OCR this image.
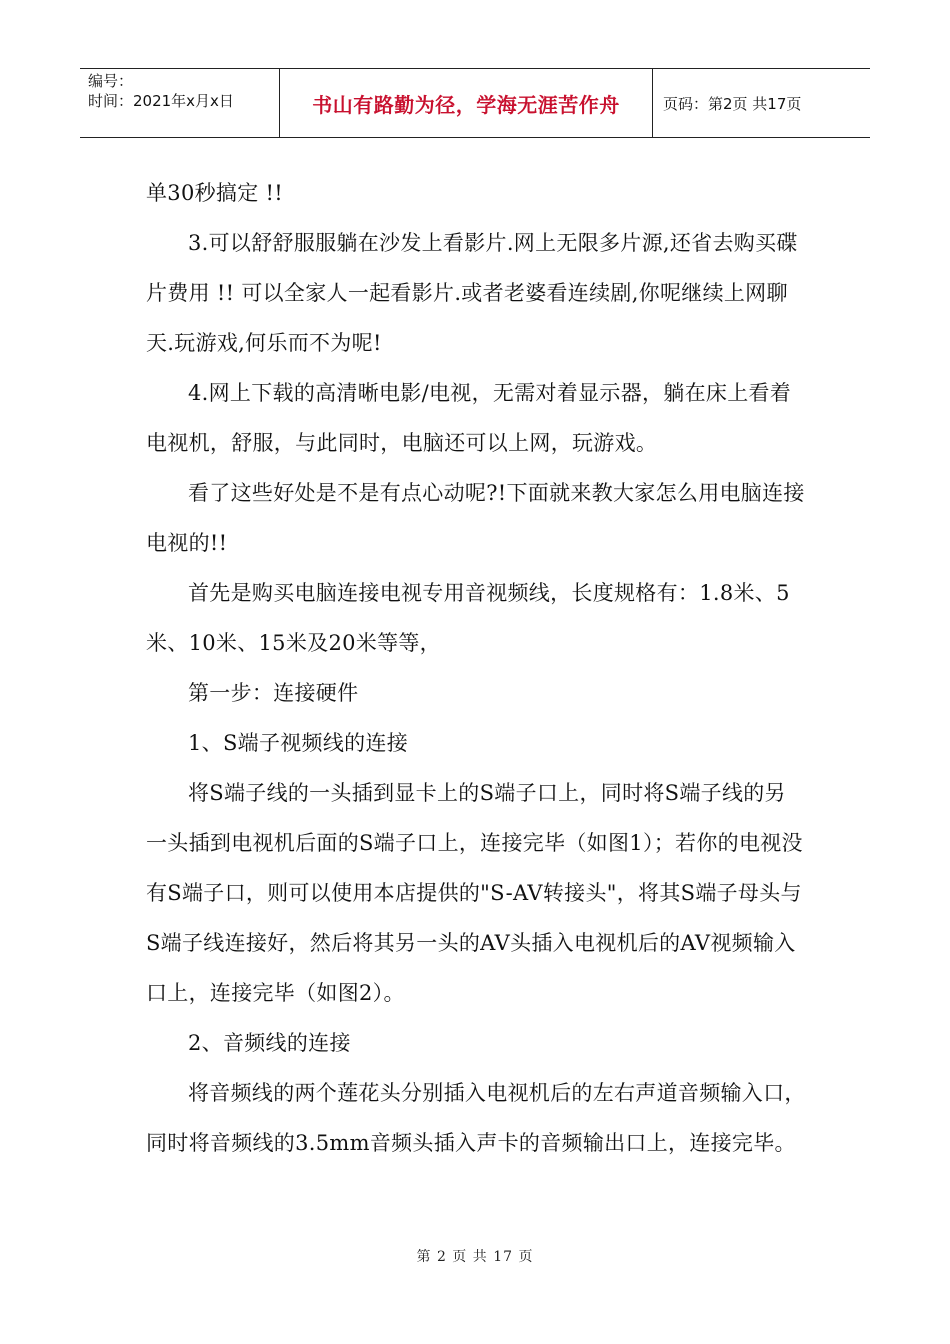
编号：
时间：2021年x月x日	书山有路勤为径，学海无涯苦作舟	页码：第2页 共17页

单30秒搞定 !!

3.可以舒舒服服躺在沙发上看影片.网上无限多片源,还省去购买碟片费用 !! 可以全家人一起看影片.或者老婆看连续剧,你呢继续上网聊天.玩游戏,何乐而不为呢!

4.网上下载的高清晰电影/电视，无需对着显示器，躺在床上看着电视机，舒服，与此同时，电脑还可以上网，玩游戏。

看了这些好处是不是有点心动呢?!下面就来教大家怎么用电脑连接电视的!!

首先是购买电脑连接电视专用音视频线，长度规格有：1.8米、5米、10米、15米及20米等等，

第一步：连接硬件

1、S端子视频线的连接

将S端子线的一头插到显卡上的S端子口上，同时将S端子线的另一头插到电视机后面的S端子口上，连接完毕（如图1）；若你的电视没有S端子口，则可以使用本店提供的"S-AV转接头"，将其S端子母头与S端子线连接好，然后将其另一头的AV头插入电视机后的AV视频输入口上，连接完毕（如图2）。

2、音频线的连接

将音频线的两个莲花头分别插入电视机后的左右声道音频输入口，同时将音频线的3.5mm音频头插入声卡的音频输出口上，连接完毕。

第 2 页 共 17 页
